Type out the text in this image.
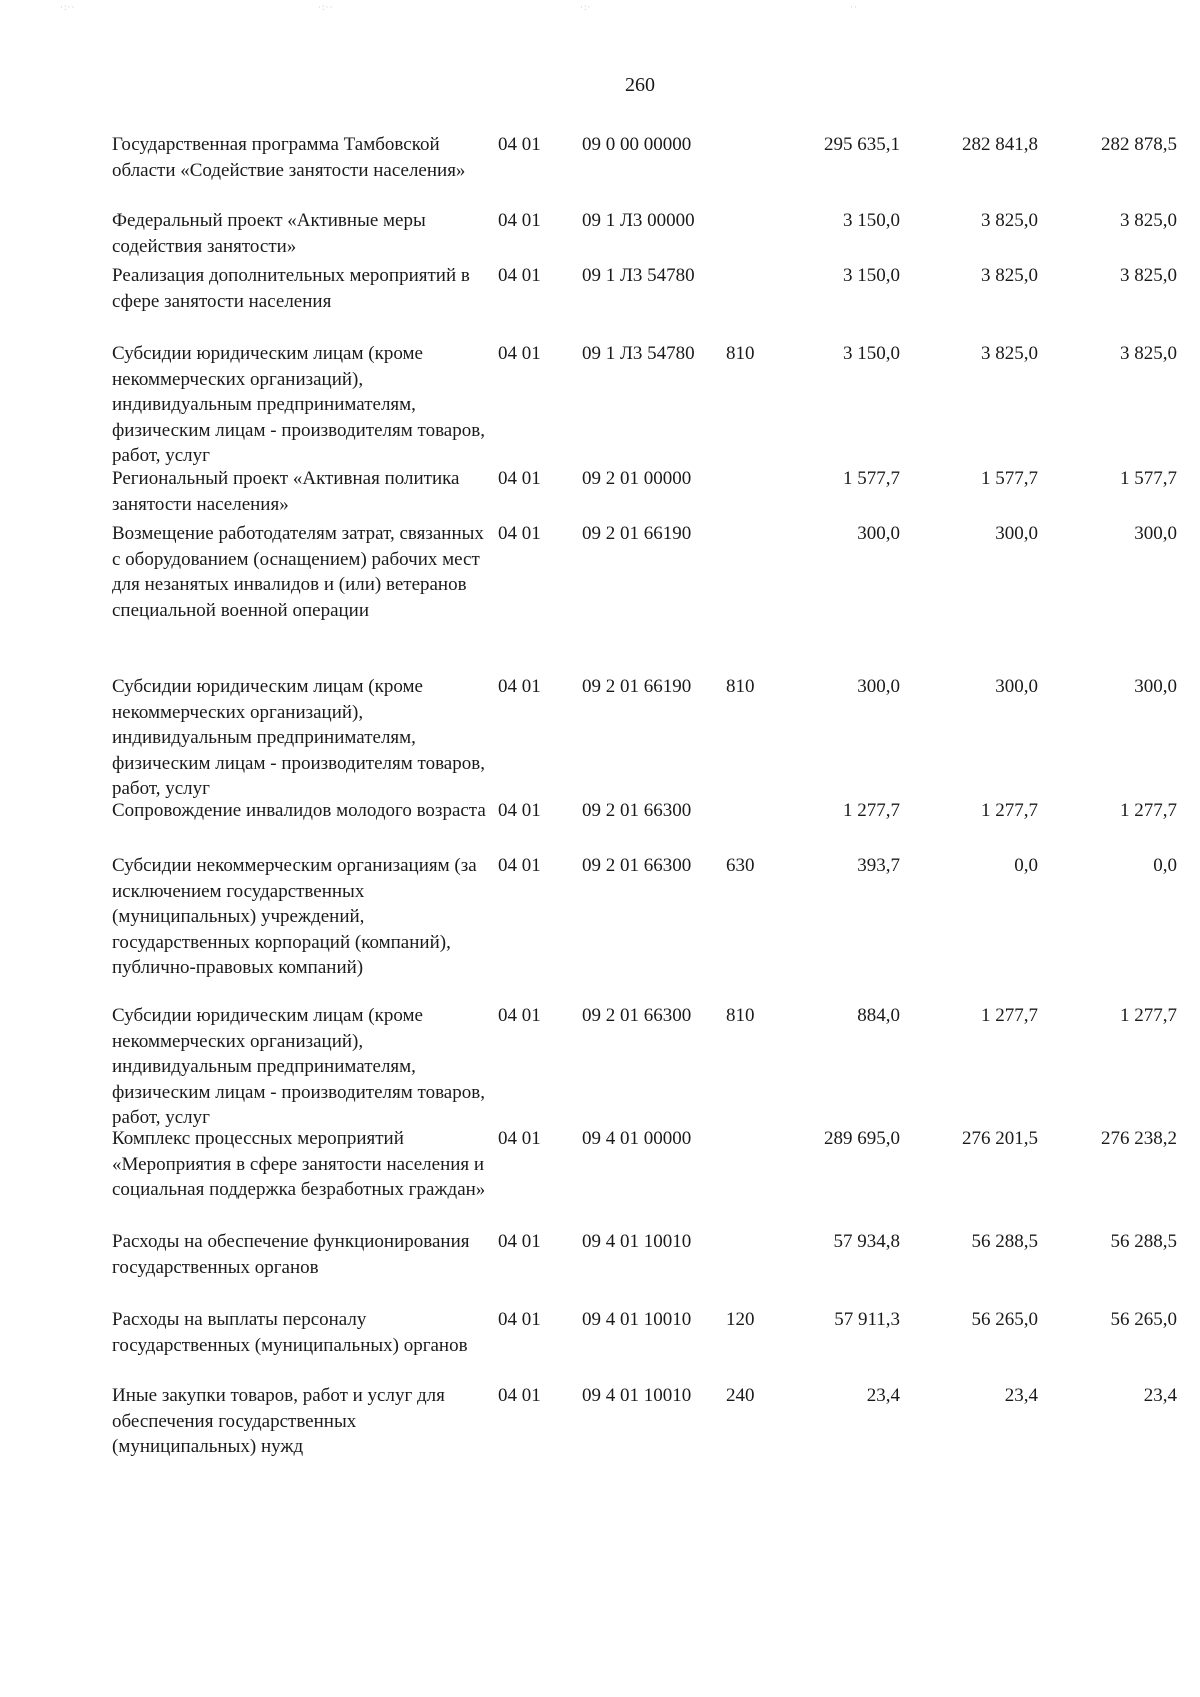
·:··	·:··	·:·	··
260
Государственная программа Тамбовской области «Содействие занятости населения»
04 01	09 0 00 00000	295 635,1	282 841,8	282 878,5
Федеральный проект «Активные меры содействия занятости»
04 01	09 1 Л3 00000	3 150,0	3 825,0	3 825,0
Реализация дополнительных мероприятий в сфере занятости населения
04 01	09 1 Л3 54780	3 150,0	3 825,0	3 825,0
Субсидии юридическим лицам (кроме некоммерческих организаций), индивидуальным предпринимателям, физическим лицам - производителям товаров, работ, услуг
04 01	09 1 Л3 54780	810	3 150,0	3 825,0	3 825,0
Региональный проект «Активная политика занятости населения»
04 01	09 2 01 00000	1 577,7	1 577,7	1 577,7
Возмещение работодателям затрат, связанных с оборудованием (оснащением) рабочих мест для незанятых инвалидов и (или) ветеранов специальной военной операции
04 01	09 2 01 66190	300,0	300,0	300,0
Субсидии юридическим лицам (кроме некоммерческих организаций), индивидуальным предпринимателям, физическим лицам - производителям товаров, работ, услуг
04 01	09 2 01 66190	810	300,0	300,0	300,0
Сопровождение инвалидов молодого возраста 04 01	09 2 01 66300	1 277,7	1 277,7	1 277,7
Субсидии некоммерческим организациям (за исключением государственных (муниципальных) учреждений, государственных корпораций (компаний), публично-правовых компаний)
04 01	09 2 01 66300	630	393,7	0,0	0,0
Субсидии юридическим лицам (кроме некоммерческих организаций), индивидуальным предпринимателям, физическим лицам - производителям товаров, работ, услуг
04 01	09 2 01 66300	810	884,0	1 277,7	1 277,7
Комплекс процессных мероприятий «Мероприятия в сфере занятости населения и социальная поддержка безработных граждан»
04 01	09 4 01 00000	289 695,0	276 201,5	276 238,2
Расходы на обеспечение функционирования государственных органов
04 01	09 4 01 10010	57 934,8	56 288,5	56 288,5
Расходы на выплаты персоналу государственных (муниципальных) органов
04 01	09 4 01 10010	120	57 911,3	56 265,0	56 265,0
Иные закупки товаров, работ и услуг для обеспечения государственных (муниципальных) нужд
04 01	09 4 01 10010	240	23,4	23,4	23,4
